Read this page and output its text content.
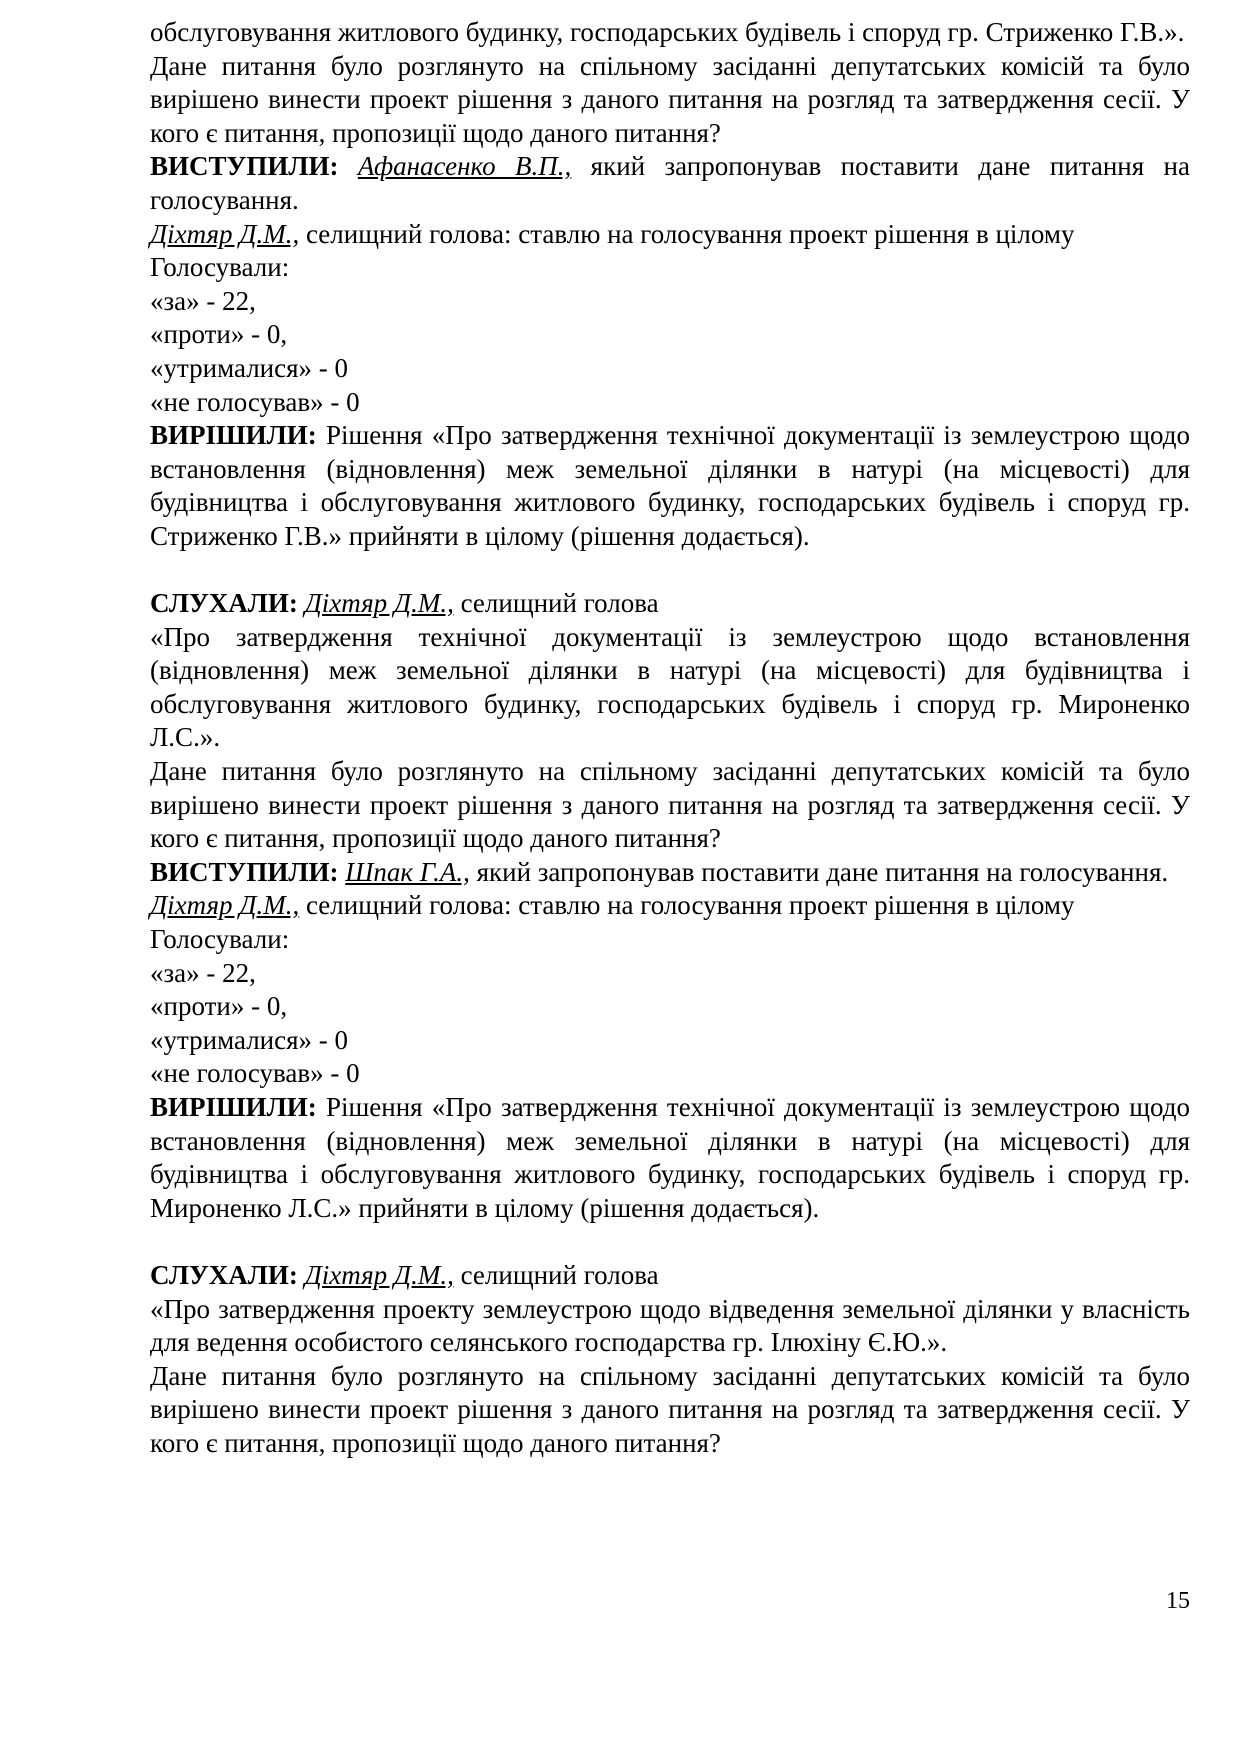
обслуговування житлового будинку, господарських будівель і споруд гр. Стриженко Г.В.».

Дане питання було розглянуто на спільному засіданні депутатських комісій та було вирішено винести проект рішення з даного питання на розгляд та затвердження сесії. У кого є питання, пропозиції щодо даного питання?

ВИСТУПИЛИ: Афанасенко В.П., який запропонував поставити дане питання на голосування.

Діхтяр Д.М., селищний голова: ставлю на голосування проект рішення в цілому

Голосували:

«за» - 22,

«проти» - 0,

«утрималися» - 0

«не голосував» - 0

ВИРІШИЛИ: Рішення «Про затвердження технічної документації із землеустрою щодо встановлення (відновлення) меж земельної ділянки в натурі (на місцевості) для будівництва і обслуговування житлового будинку, господарських будівель і споруд гр. Стриженко Г.В.» прийняти в цілому (рішення додається).

СЛУХАЛИ: Діхтяр Д.М., селищний голова

«Про затвердження технічної документації із землеустрою щодо встановлення (відновлення) меж земельної ділянки в натурі (на місцевості) для будівництва і обслуговування житлового будинку, господарських будівель і споруд гр. Мироненко Л.С.».

Дане питання було розглянуто на спільному засіданні депутатських комісій та було вирішено винести проект рішення з даного питання на розгляд та затвердження сесії. У кого є питання, пропозиції щодо даного питання?

ВИСТУПИЛИ: Шпак Г.А., який запропонував поставити дане питання на голосування.

Діхтяр Д.М., селищний голова: ставлю на голосування проект рішення в цілому

Голосували:

«за» - 22,

«проти» - 0,

«утрималися» - 0

«не голосував» - 0

ВИРІШИЛИ: Рішення «Про затвердження технічної документації із землеустрою щодо встановлення (відновлення) меж земельної ділянки в натурі (на місцевості) для будівництва і обслуговування житлового будинку, господарських будівель і споруд гр. Мироненко Л.С.» прийняти в цілому (рішення додається).

СЛУХАЛИ: Діхтяр Д.М., селищний голова

«Про затвердження проекту землеустрою щодо відведення земельної ділянки у власність для ведення особистого селянського господарства гр. Ілюхіну Є.Ю.».

Дане питання було розглянуто на спільному засіданні депутатських комісій та було вирішено винести проект рішення з даного питання на розгляд та затвердження сесії. У кого є питання, пропозиції щодо даного питання?

15
